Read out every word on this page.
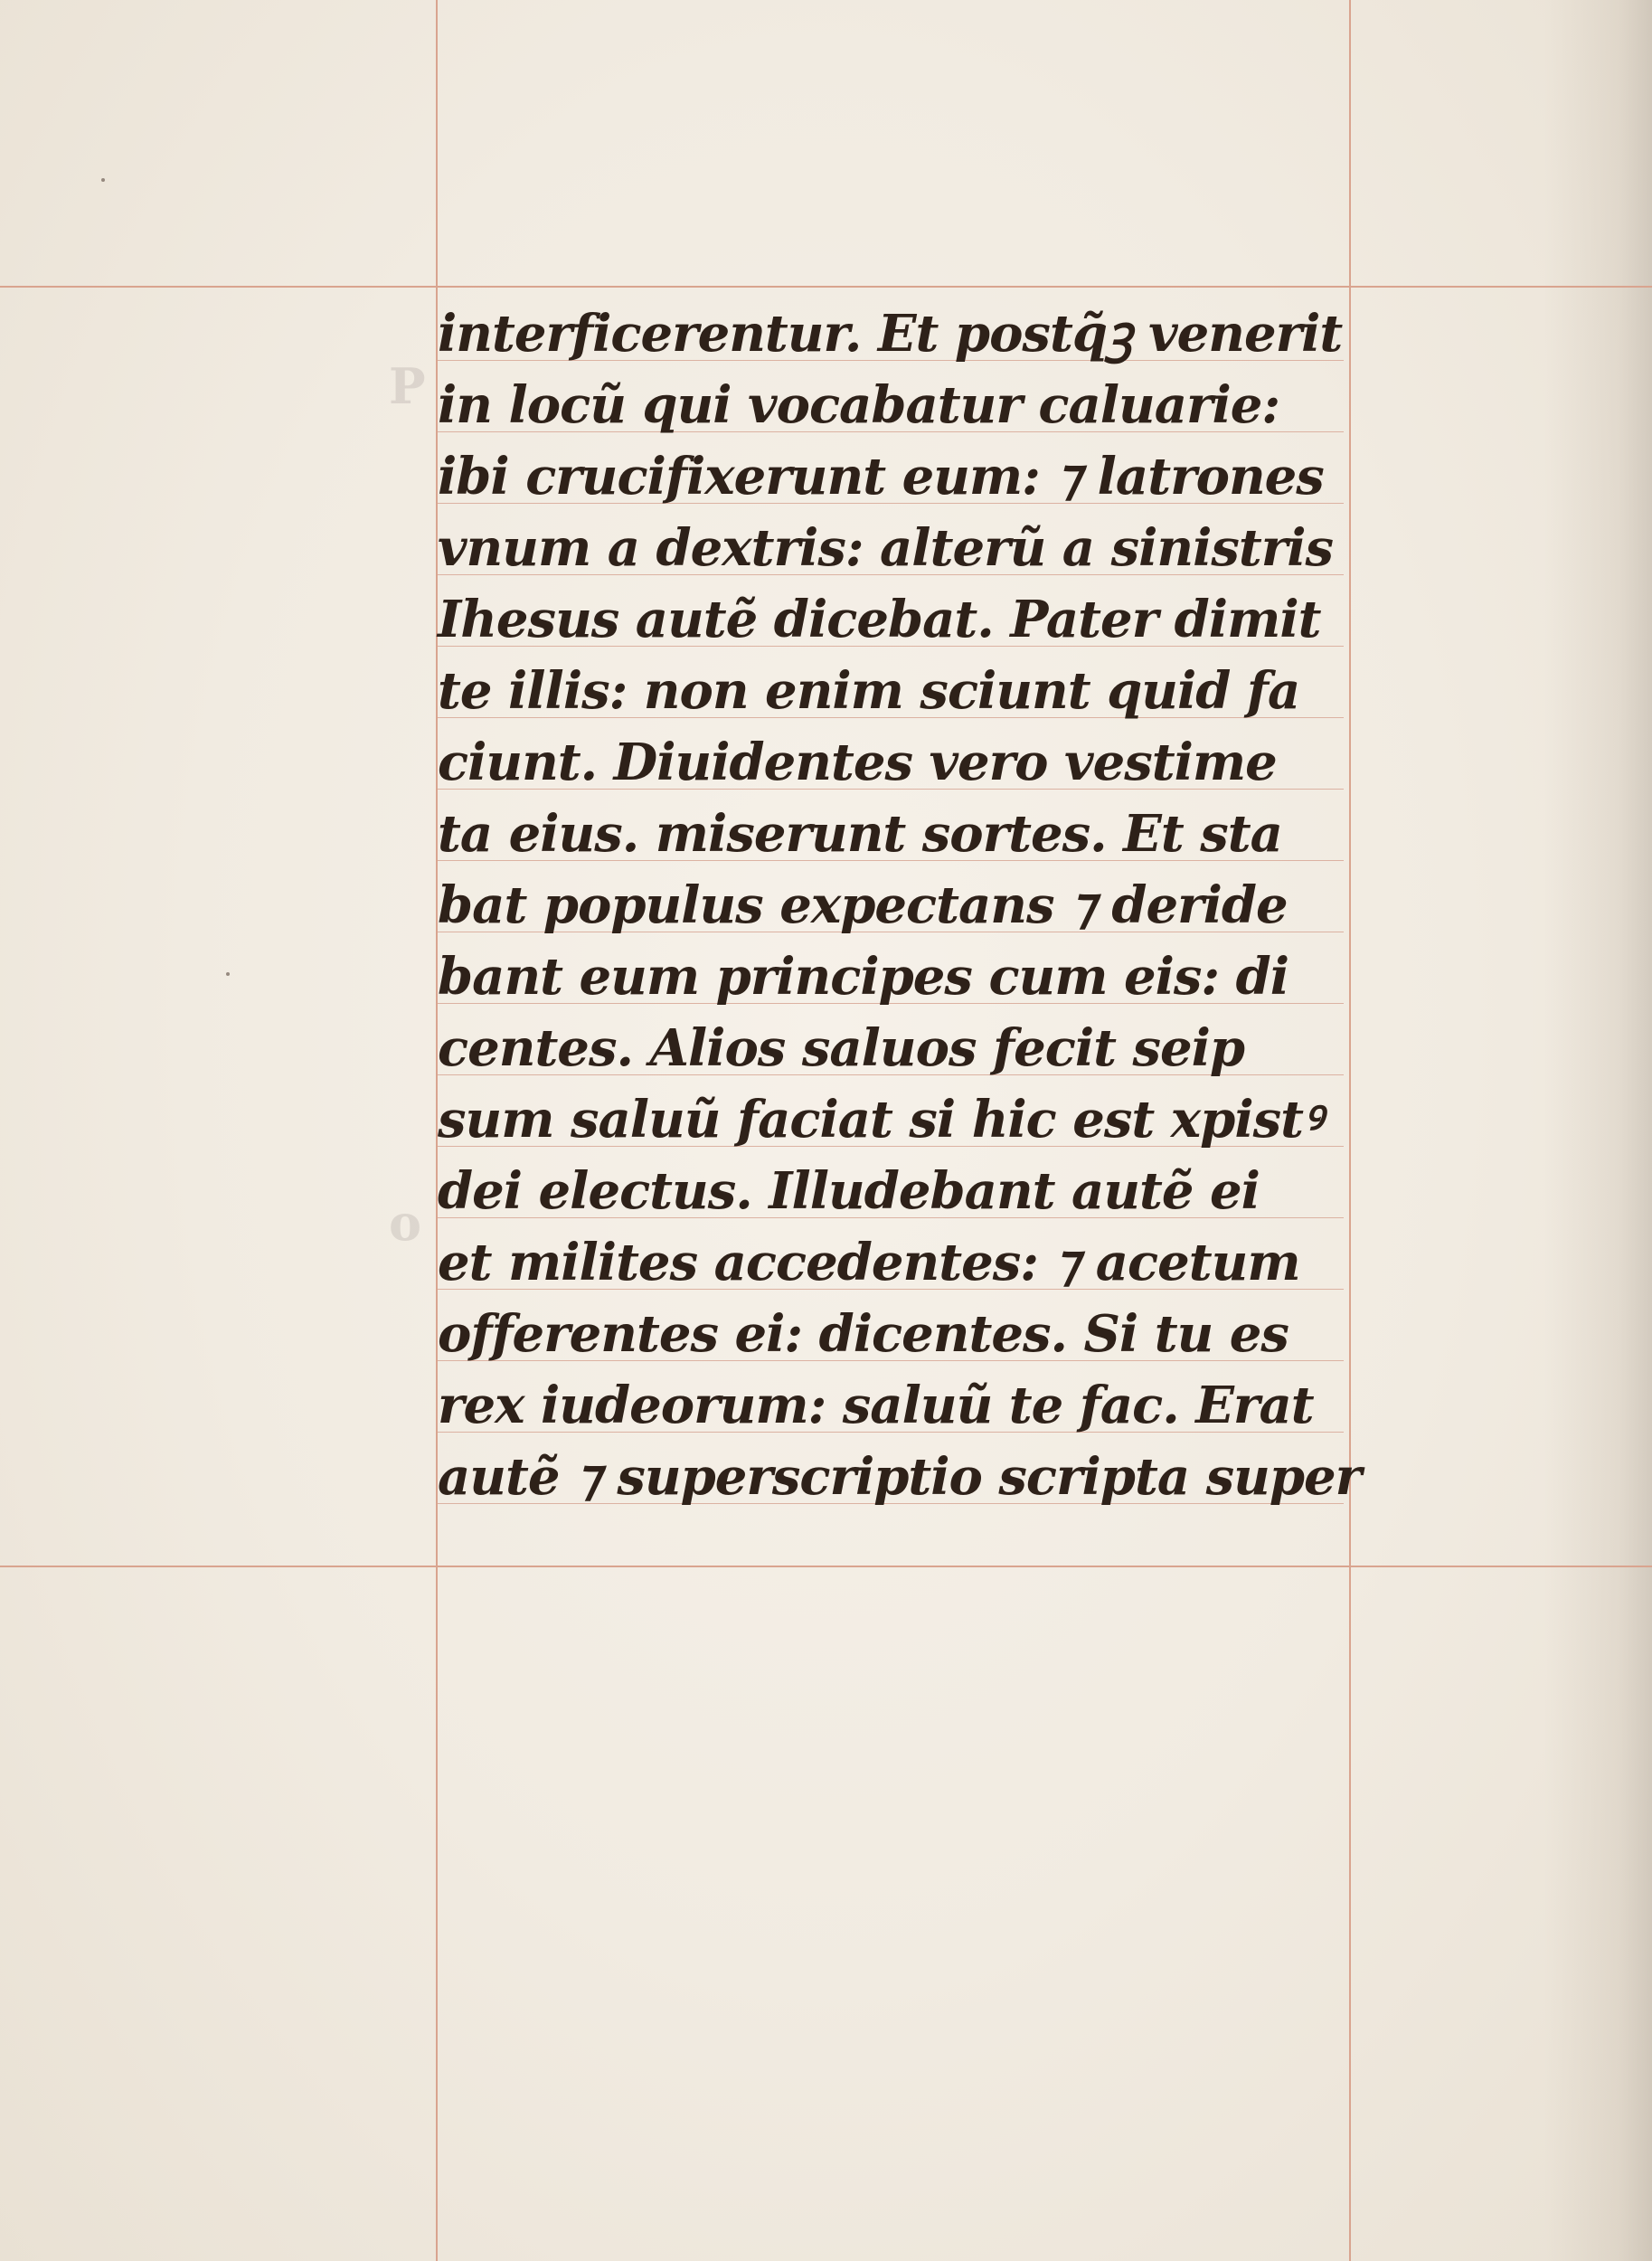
P
o
interficerentur. Et postq̃ꝫ venerit
in locũ qui vocabatur caluarie:
ibi crucifixerunt eum: ⁊ latrones
vnum a dextris: alterũ a sinistris
Ihesus autẽ dicebat. Pater dimit
te illis: non enim sciunt quid fa
ciunt. Diuidentes vero vestime
ta eius. miserunt sortes. Et sta
bat populus expectans ⁊ deride
bant eum principes cum eis: di
centes. Alios saluos fecit seip
sum saluũ faciat si hic est xpistꝰ
dei electus. Illudebant autẽ ei
et milites accedentes: ⁊ acetum
offerentes ei: dicentes. Si tu es
rex iudeorum: saluũ te fac. Erat
autẽ ⁊ superscriptio scripta super
